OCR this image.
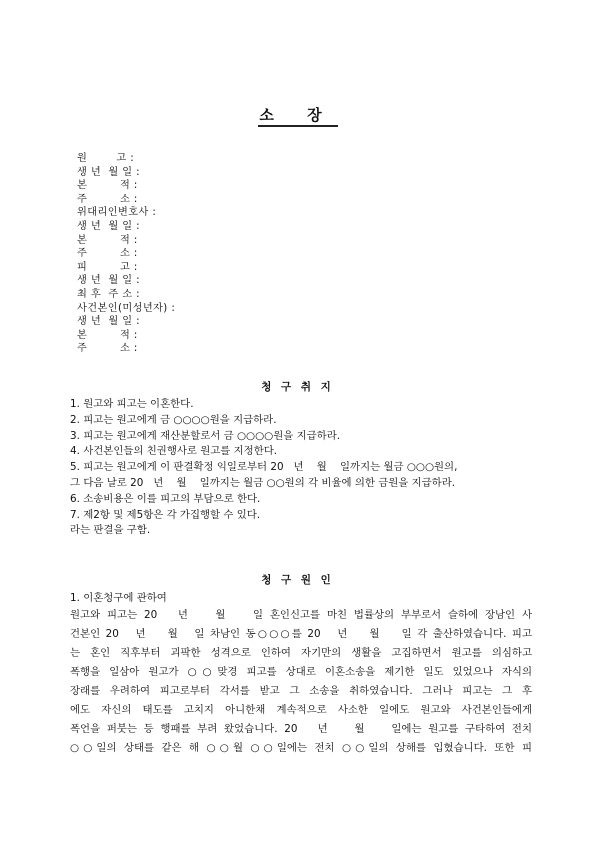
소 장
원        고 :
생 년  월 일 :
본         적 :
주         소 :
위대리인변호사 :
생 년  월 일 :
본         적 :
주         소 :
피         고 :
생 년  월 일 :
최 후  주 소 :
사건본인(미성년자) :
생 년  월 일 :
본         적 :
주         소 :
청 구 취 지
1. 원고와 피고는 이혼한다.
2. 피고는 원고에게 금 ○○○○원을 지급하라.
3. 피고는 원고에게 재산분할로서 금 ○○○○원을 지급하라.
4. 사건본인들의 친권행사로 원고를 지정한다.
5. 피고는 원고에게 이 판결확정 익일로부터 20   년    월    일까지는 월금 ○○○원의,
그 다음 날로 20   년    월    일까지는 월금 ○○원의 각 비율에 의한 금원을 지급하라.
6. 소송비용은 이를 피고의 부담으로 한다.
7. 제2항 및 제5항은 각 가집행할 수 있다.
라는 판결을 구함.
청 구 원 인
1. 이혼청구에 관하여
원고와 피고는 20   년    월    일 혼인신고를 마친 법률상의 부부로서 슬하에 장남인 사
건본인 20   년    월   일 차남인 동○○○를 20   년    월    일 각 출산하였습니다. 피고
는 혼인 직후부터 괴팍한 성격으로 인하여 자기만의 생활을 고집하면서 원고를 의심하고
폭행을 일삼아 원고가 ○○맞경 피고를 상대로 이혼소송을 제기한 일도 있었으나 자식의
장래를 우려하여 피고로부터 각서를 받고 그 소송을 취하였습니다. 그러나 피고는 그 후
에도 자신의 태도를 고치지 아니한채 계속적으로 사소한 일에도 원고와 사건본인들에게
폭언을 퍼붓는 등 행패를 부려 왔었습니다. 20   년    월    일에는 원고를 구타하여 전치
○○일의 상태를 같은 해 ○○월 ○○일에는 전치 ○○일의 상해를 입혔습니다. 또한 피
